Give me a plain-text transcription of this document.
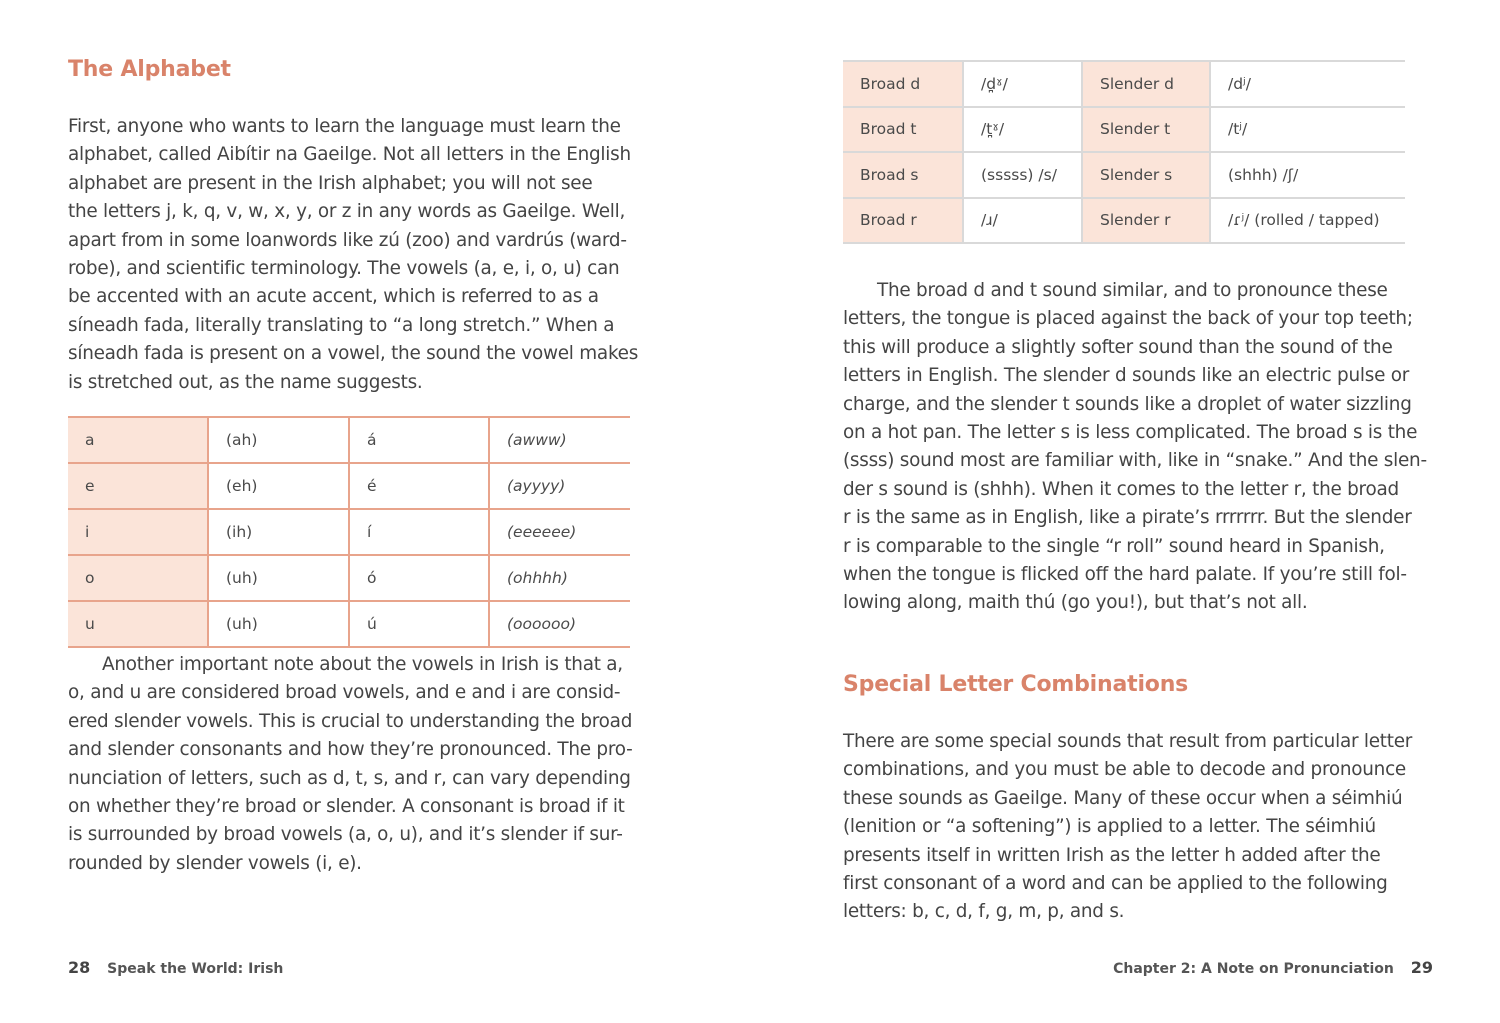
The Alphabet
First, anyone who wants to learn the language must learn the
alphabet, called Aibítir na Gaeilge. Not all letters in the English
alphabet are present in the Irish alphabet; you will not see
the letters j, k, q, v, w, x, y, or z in any words as Gaeilge. Well,
apart from in some loanwords like zú (zoo) and vardrús (ward-
robe), and scientific terminology. The vowels (a, e, i, o, u) can
be accented with an acute accent, which is referred to as a
síneadh fada, literally translating to “a long stretch.” When a
síneadh fada is present on a vowel, the sound the vowel makes
is stretched out, as the name suggests.
a	(ah)	á	(awww)
e	(eh)	é	(ayyyy)
i	(ih)	í	(eeeeee)
o	(uh)	ó	(ohhhh)
u	(uh)	ú	(oooooo)
Another important note about the vowels in Irish is that a,
o, and u are considered broad vowels, and e and i are consid-
ered slender vowels. This is crucial to understanding the broad
and slender consonants and how they’re pronounced. The pro-
nunciation of letters, such as d, t, s, and r, can vary depending
on whether they’re broad or slender. A consonant is broad if it
is surrounded by broad vowels (a, o, u), and it’s slender if sur-
rounded by slender vowels (i, e).
28 Speak the World: Irish
Broad d	/d̪ˠ/	Slender d	/dʲ/
Broad t	/t̪ˠ/	Slender t	/tʲ/
Broad s	(sssss) /s/	Slender s	(shhh) /ʃ/
Broad r	/ɹ/	Slender r	/ɾʲ/ (rolled / tapped)
The broad d and t sound similar, and to pronounce these
letters, the tongue is placed against the back of your top teeth;
this will produce a slightly softer sound than the sound of the
letters in English. The slender d sounds like an electric pulse or
charge, and the slender t sounds like a droplet of water sizzling
on a hot pan. The letter s is less complicated. The broad s is the
(ssss) sound most are familiar with, like in “snake.” And the slen-
der s sound is (shhh). When it comes to the letter r, the broad
r is the same as in English, like a pirate’s rrrrrrr. But the slender
r is comparable to the single “r roll” sound heard in Spanish,
when the tongue is flicked off the hard palate. If you’re still fol-
lowing along, maith thú (go you!), but that’s not all.
Special Letter Combinations
There are some special sounds that result from particular letter
combinations, and you must be able to decode and pronounce
these sounds as Gaeilge. Many of these occur when a séimhiú
(lenition or “a softening”) is applied to a letter. The séimhiú
presents itself in written Irish as the letter h added after the
first consonant of a word and can be applied to the following
letters: b, c, d, f, g, m, p, and s.
Chapter 2: A Note on Pronunciation 29
